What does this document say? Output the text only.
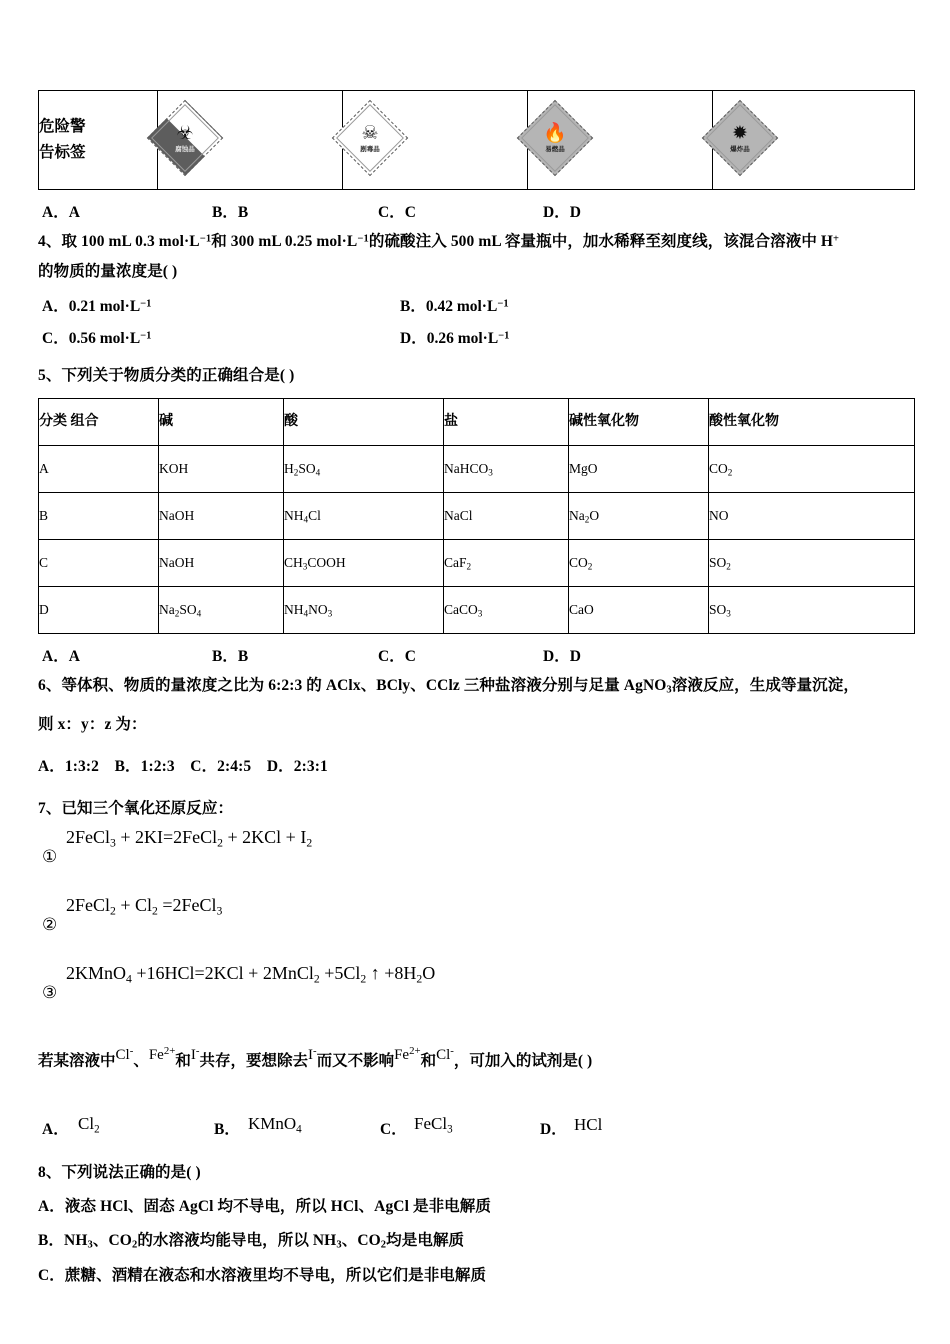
危险警
告标签

☣
腐蚀品

☠
剧毒品

🔥
易燃品

✹
爆炸品
A．A	B．B	C．C	D．D
4、取 100 mL 0.3 $mol\cdot L^{-1}$和 300 mL 0.25 $mol\cdot L^{-1}$的硫酸注入 500 mL 容量瓶中，加水稀释至刻度线，该混合溶液中 H+
的物质的量浓度是( )
A．0.21 $mol\cdot L^{-1}$	B．0.42 $mol\cdot L^{-1}$
C．0.56 $mol\cdot L^{-1}$	D．0.26 $mol\cdot L^{-1}$
5、下列关于物质分类的正确组合是( )
分类 组合	碱	酸	盐	碱性氧化物	酸性氧化物
A	KOH	$H_2SO_4$	NaHCO$_3$	MgO	$CO_2$
B	NaOH	$NH_4Cl$	NaCl	$Na_2O$	NO
C	NaOH	$CH_3COOH$	CaF$_2$	$CO_2$	$SO_2$
D	$Na_2SO_4$	$NH_4NO_3$	CaCO$_3$	CaO	$SO_3$
A．A	B．B	C．C	D．D
6、等体积、物质的量浓度之比为 6:2:3 的 AClx、BCly、CClz 三种盐溶液分别与足量 AgNO$_3$溶液反应，生成等量沉淀，
则 x：y：z 为：
A．1:3:2　B．1:2:3　C．2:4:5　D．2:3:1
7、已知三个氧化还原反应：
①
2FeCl$_3$ + 2KI=2FeCl$_2$ + $2KCl + I_2$
②
2FeCl$_2$ + $Cl_2$ =2FeCl$_3$
③
2KMnO$_4$ +16HCl=2KCl + 2MnCl$_2$ $+5Cl_2$ ↑ $+8H_2O$
若某溶液中Cl-、$Fe^{2+}$和I-共存，要想除去I-而又不影响$Fe^{2+}$和Cl-，可加入的试剂是( )
A． $Cl_2$	B． KMnO$_4$	C． FeCl$_3$	D． HCl
8、下列说法正确的是( )
A．液态 HCl、固态 AgCl 均不导电，所以 HCl、AgCl 是非电解质
B．$NH_3$、$CO_2$的水溶液均能导电，所以 $NH_3$、$CO_2$均是电解质
C．蔗糖、酒精在液态和水溶液里均不导电，所以它们是非电解质
